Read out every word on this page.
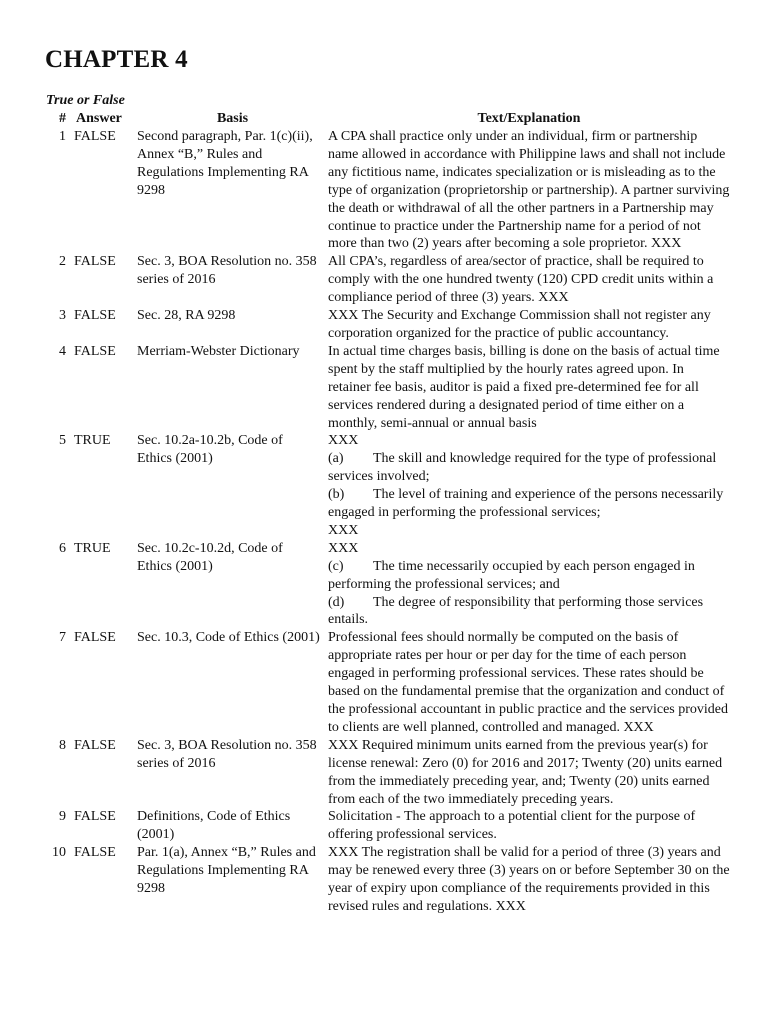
CHAPTER 4
True or False
#	Answer	Basis	Text/Explanation
1	FALSE	Second paragraph, Par. 1(c)(ii), Annex “B,” Rules and Regulations Implementing RA 9298	A CPA shall practice only under an individual, firm or partnership name allowed in accordance with Philippine laws and shall not include any fictitious name, indicates specialization or is misleading as to the type of organization (proprietorship or partnership). A partner surviving the death or withdrawal of all the other partners in a Partnership may continue to practice under the Partnership name for a period of not more than two (2) years after becoming a sole proprietor. XXX
2	FALSE	Sec. 3, BOA Resolution no. 358 series of 2016	All CPA’s, regardless of area/sector of practice, shall be required to comply with the one hundred twenty (120) CPD credit units within a compliance period of three (3) years. XXX
3	FALSE	Sec. 28, RA 9298	XXX The Security and Exchange Commission shall not register any corporation organized for the practice of public accountancy.
4	FALSE	Merriam-Webster Dictionary	In actual time charges basis, billing is done on the basis of actual time spent by the staff multiplied by the hourly rates agreed upon. In retainer fee basis, auditor is paid a fixed pre-determined fee for all services rendered during a designated period of time either on a monthly, semi-annual or annual basis
5	TRUE	Sec. 10.2a-10.2b, Code of Ethics (2001)	XXX
(a) The skill and knowledge required for the type of professional services involved;
(b) The level of training and experience of the persons necessarily engaged in performing the professional services;
XXX

6	TRUE	Sec. 10.2c-10.2d, Code of Ethics (2001)	XXX
(c) The time necessarily occupied by each person engaged in performing the professional services; and
(d) The degree of responsibility that performing those services entails.

7	FALSE	Sec. 10.3, Code of Ethics (2001)	Professional fees should normally be computed on the basis of appropriate rates per hour or per day for the time of each person engaged in performing professional services. These rates should be based on the fundamental premise that the organization and conduct of the professional accountant in public practice and the services provided to clients are well planned, controlled and managed. XXX
8	FALSE	Sec. 3, BOA Resolution no. 358 series of 2016	XXX Required minimum units earned from the previous year(s) for license renewal: Zero (0) for 2016 and 2017; Twenty (20) units earned from the immediately preceding year, and; Twenty (20) units earned from each of the two immediately preceding years.
9	FALSE	Definitions, Code of Ethics (2001)	Solicitation - The approach to a potential client for the purpose of offering professional services.
10	FALSE	Par. 1(a), Annex “B,” Rules and Regulations Implementing RA 9298	XXX The registration shall be valid for a period of three (3) years and may be renewed every three (3) years on or before September 30 on the year of expiry upon compliance of the requirements provided in this revised rules and regulations. XXX
